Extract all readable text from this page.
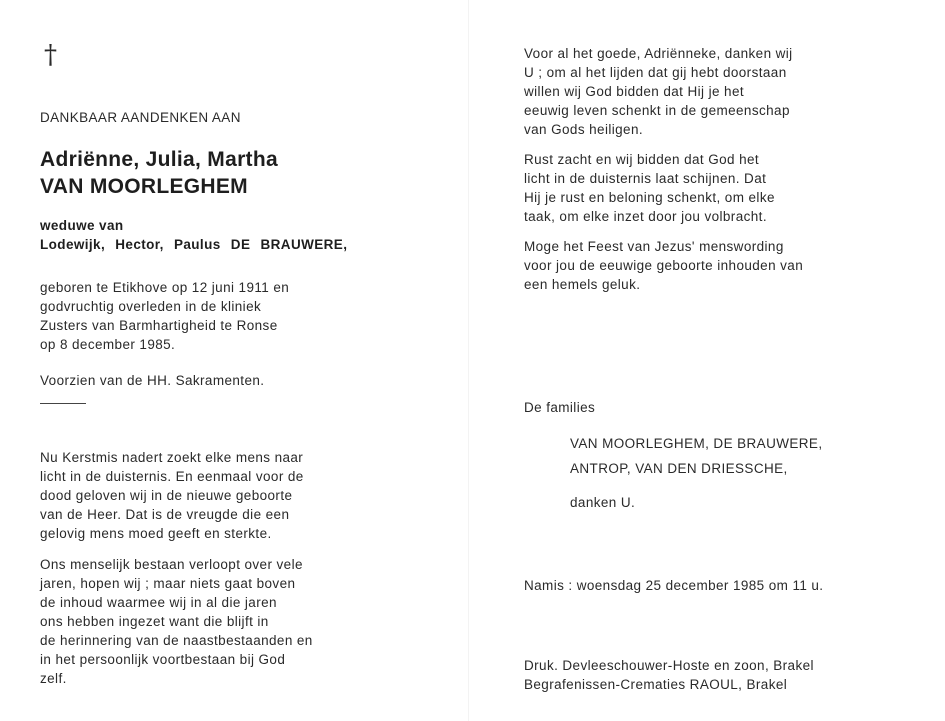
†
DANKBAAR AANDENKEN AAN
Adriënne, Julia, Martha
VAN MOORLEGHEM
weduwe van
Lodewijk, Hector, Paulus DE BRAUWERE,
geboren te Etikhove op 12 juni 1911 en
godvruchtig overleden in de kliniek
Zusters van Barmhartigheid te Ronse
op 8 december 1985.
Voorzien van de HH. Sakramenten.
Nu Kerstmis nadert zoekt elke mens naar
licht in de duisternis. En eenmaal voor de
dood geloven wij in de nieuwe geboorte
van de Heer. Dat is de vreugde die een
gelovig mens moed geeft en sterkte.
Ons menselijk bestaan verloopt over vele
jaren, hopen wij ; maar niets gaat boven
de inhoud waarmee wij in al die jaren
ons hebben ingezet want die blijft in
de herinnering van de naastbestaanden en
in het persoonlijk voortbestaan bij God
zelf.
Voor al het goede, Adriënneke, danken wij
U ; om al het lijden dat gij hebt doorstaan
willen wij God bidden dat Hij je het
eeuwig leven schenkt in de gemeenschap
van Gods heiligen.
Rust zacht en wij bidden dat God het
licht in de duisternis laat schijnen. Dat
Hij je rust en beloning schenkt, om elke
taak, om elke inzet door jou volbracht.
Moge het Feest van Jezus' menswording
voor jou de eeuwige geboorte inhouden van
een hemels geluk.
De families
VAN MOORLEGHEM, DE BRAUWERE,
ANTROP, VAN DEN DRIESSCHE,
danken U.
Namis : woensdag 25 december 1985 om 11 u.
Druk. Devleeschouwer-Hoste en zoon, Brakel
Begrafenissen-Crematies RAOUL, Brakel
